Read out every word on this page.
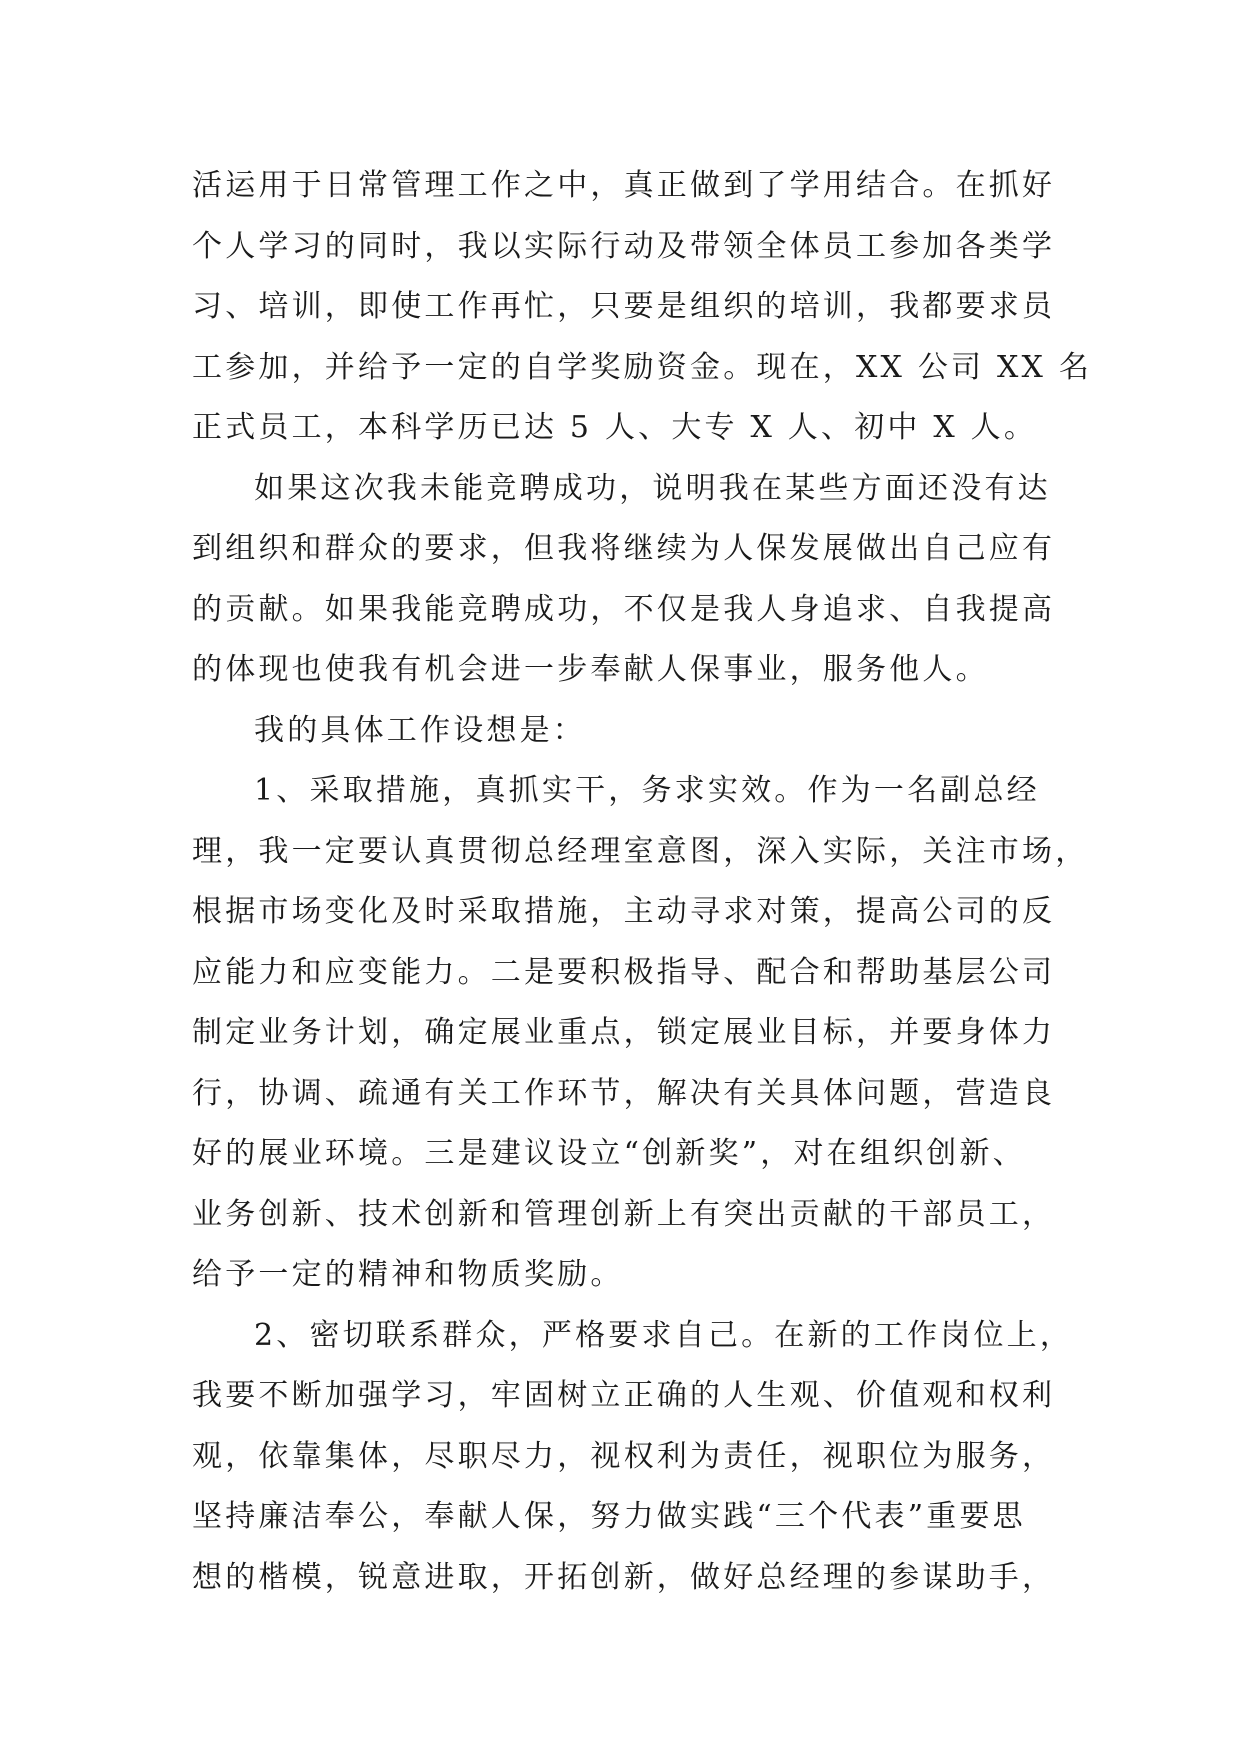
活运用于日常管理工作之中，真正做到了学用结合。在抓好
个人学习的同时，我以实际行动及带领全体员工参加各类学
习、培训，即使工作再忙，只要是组织的培训，我都要求员
工参加，并给予一定的自学奖励资金。现在，XX 公司 XX 名
正式员工，本科学历已达 5 人、大专 X 人、初中 X 人。
如果这次我未能竞聘成功，说明我在某些方面还没有达
到组织和群众的要求，但我将继续为人保发展做出自己应有
的贡献。如果我能竞聘成功，不仅是我人身追求、自我提高
的体现也使我有机会进一步奉献人保事业，服务他人。
我的具体工作设想是：
1、采取措施，真抓实干，务求实效。作为一名副总经
理，我一定要认真贯彻总经理室意图，深入实际，关注市场，
根据市场变化及时采取措施，主动寻求对策，提高公司的反
应能力和应变能力。二是要积极指导、配合和帮助基层公司
制定业务计划，确定展业重点，锁定展业目标，并要身体力
行，协调、疏通有关工作环节，解决有关具体问题，营造良
好的展业环境。三是建议设立“创新奖”，对在组织创新、
业务创新、技术创新和管理创新上有突出贡献的干部员工，
给予一定的精神和物质奖励。
2、密切联系群众，严格要求自己。在新的工作岗位上，
我要不断加强学习，牢固树立正确的人生观、价值观和权利
观，依靠集体，尽职尽力，视权利为责任，视职位为服务，
坚持廉洁奉公，奉献人保，努力做实践“三个代表”重要思
想的楷模，锐意进取，开拓创新，做好总经理的参谋助手，
